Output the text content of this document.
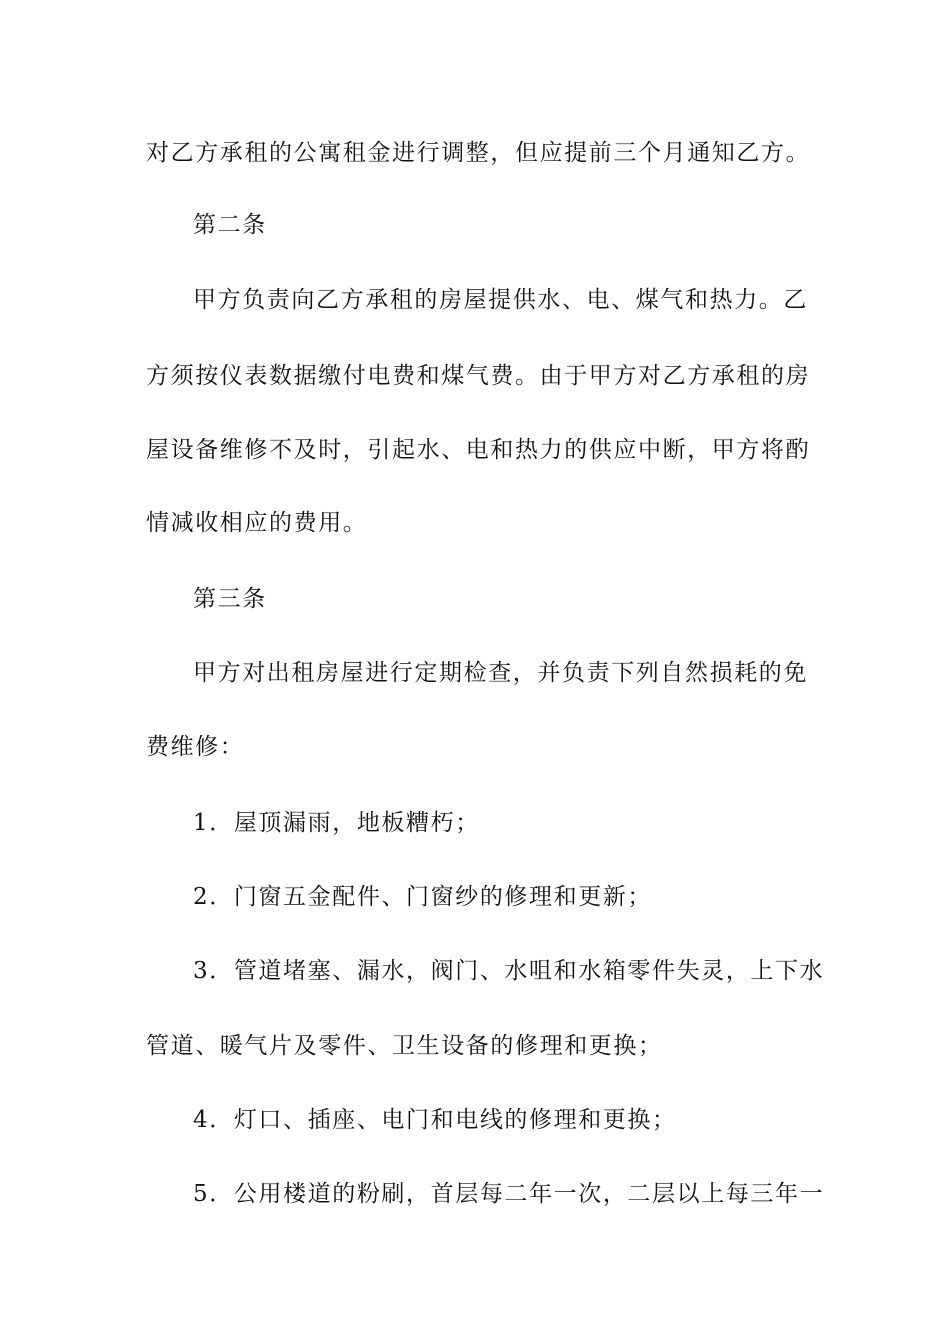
对乙方承租的公寓租金进行调整，但应提前三个月通知乙方。
第二条
甲方负责向乙方承租的房屋提供水、电、煤气和热力。乙
方须按仪表数据缴付电费和煤气费。由于甲方对乙方承租的房
屋设备维修不及时，引起水、电和热力的供应中断，甲方将酌
情减收相应的费用。
第三条
甲方对出租房屋进行定期检查，并负责下列自然损耗的免
费维修：
1．屋顶漏雨，地板糟朽；
2．门窗五金配件、门窗纱的修理和更新；
3．管道堵塞、漏水，阀门、水咀和水箱零件失灵，上下水
管道、暖气片及零件、卫生设备的修理和更换；
4．灯口、插座、电门和电线的修理和更换；
5．公用楼道的粉刷，首层每二年一次，二层以上每三年一
